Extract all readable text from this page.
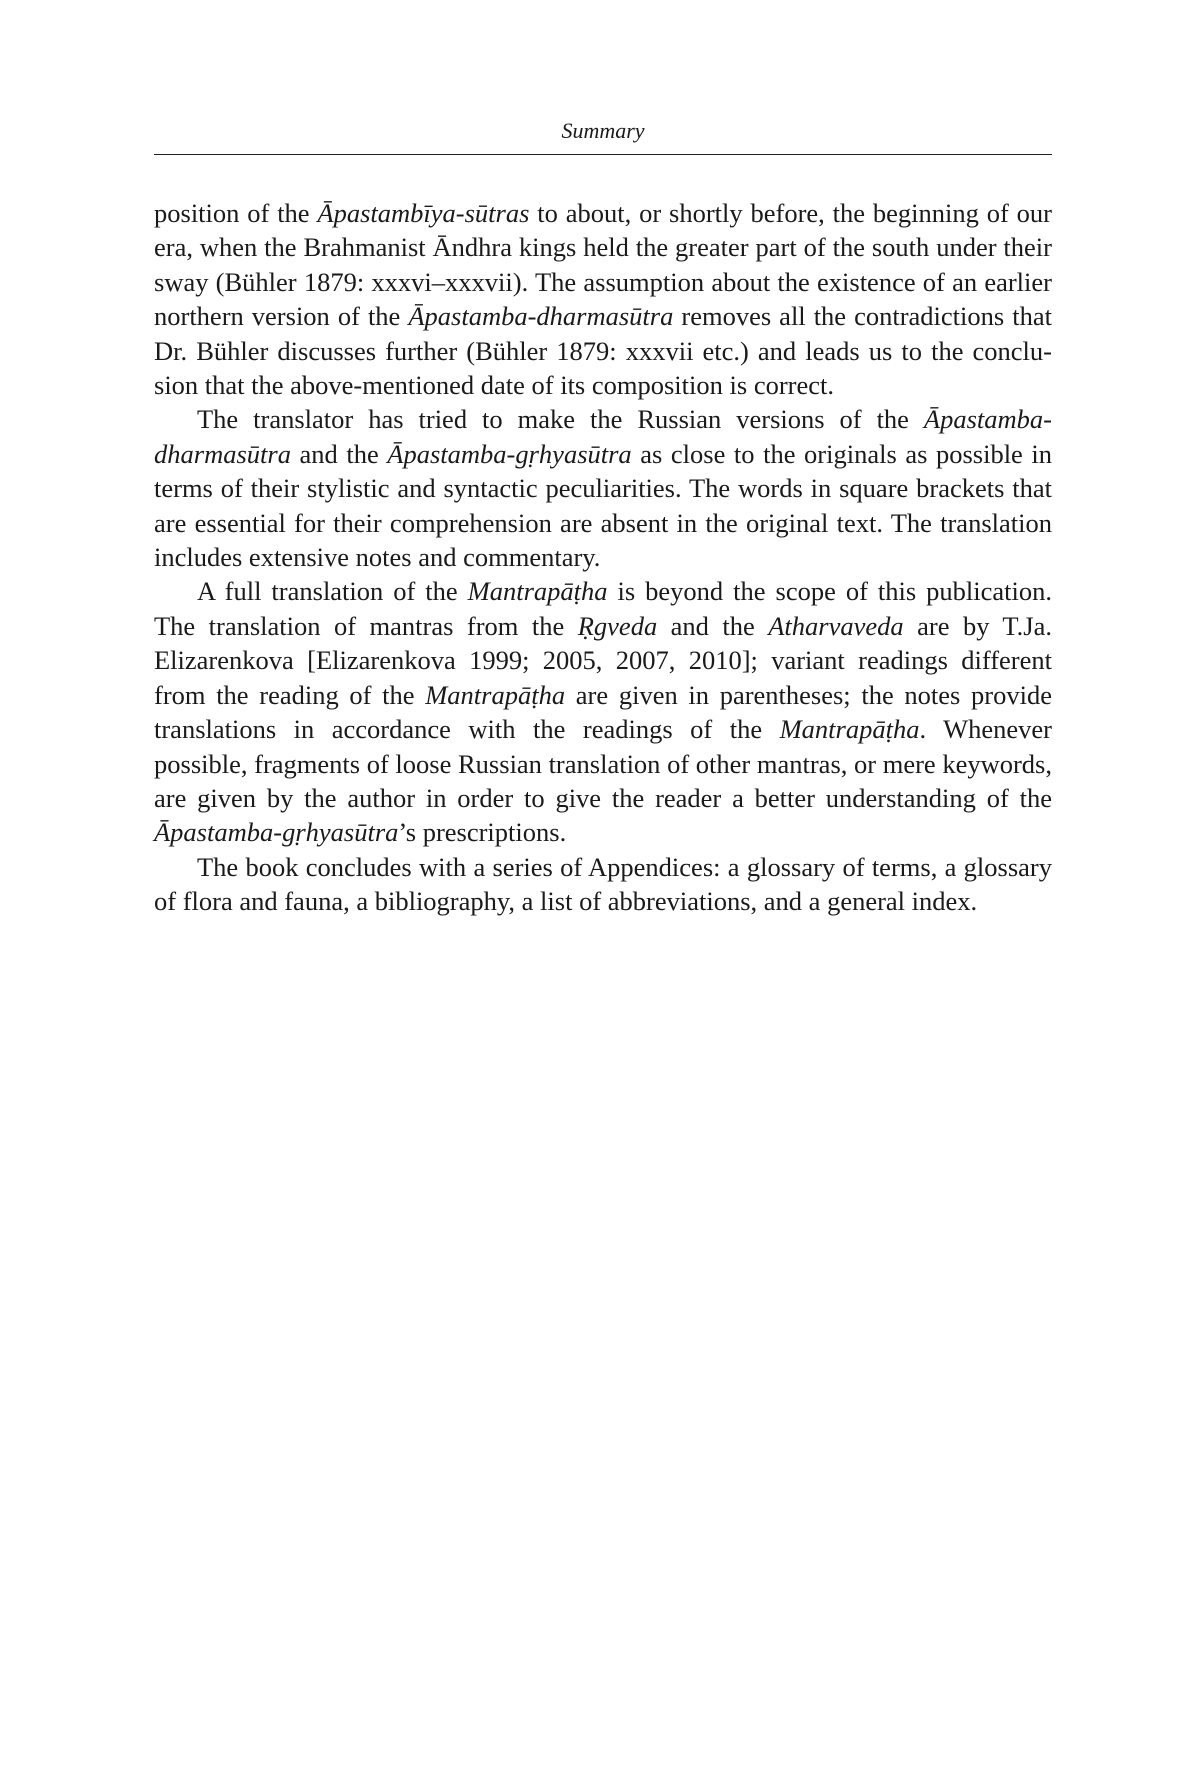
Summary

position of the Āpastambīya-sūtras to about, or shortly before, the beginning of our era, when the Brahmanist Āndhra kings held the greater part of the south under their sway (Bühler 1879: xxxvi–xxxvii). The assumption about the existence of an earlier northern version of the Āpastamba-dharmasūtra removes all the contradictions that Dr. Bühler discusses further (Bühler 1879: xxxvii etc.) and leads us to the conclusion that the above-mentioned date of its composition is correct.

The translator has tried to make the Russian versions of the Āpastamba-dharmasūtra and the Āpastamba-gṛhyasūtra as close to the originals as possible in terms of their stylistic and syntactic peculiarities. The words in square brackets that are essential for their comprehension are absent in the original text. The translation includes extensive notes and commentary.

A full translation of the Mantrapāṭha is beyond the scope of this publication. The translation of mantras from the Ṛgveda and the Atharvaveda are by T.Ja. Elizarenkova [Elizarenkova 1999; 2005, 2007, 2010]; variant readings different from the reading of the Mantrapāṭha are given in parentheses; the notes provide translations in accordance with the readings of the Mantrapāṭha. Whenever possible, fragments of loose Russian translation of other mantras, or mere keywords, are given by the author in order to give the reader a better understanding of the Āpastamba-gṛhyasūtra’s prescriptions.

The book concludes with a series of Appendices: a glossary of terms, a glossary of flora and fauna, a bibliography, a list of abbreviations, and a general index.
